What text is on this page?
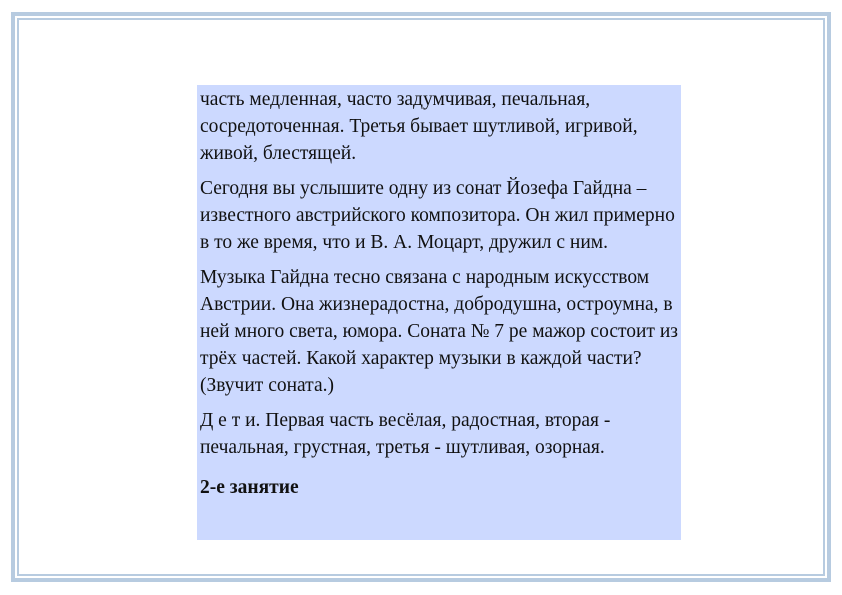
часть медленная, часто задумчивая, печальная, сосредоточенная. Третья бывает шутливой, игривой, живой, блестящей.

Сегодня вы услышите одну из сонат Йозефа Гайдна – известного австрийского композитора. Он жил примерно в то же время, что и В. А. Моцарт, дружил с ним.

Музыка Гайдна тесно связана с народным искусством Австрии. Она жизнерадостна, добродушна, остроумна, в ней много света, юмора. Соната № 7 ре мажор состоит из трёх частей. Какой характер музыки в каждой части? (Звучит соната.)

Д е т и. Первая часть весёлая, радостная, вторая - печальная, грустная, третья - шутливая, озорная.

2-е занятие
